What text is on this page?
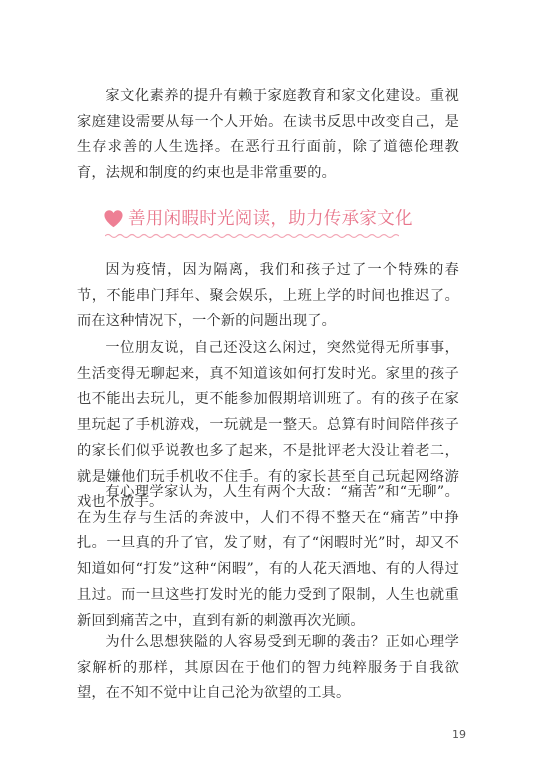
家文化素养的提升有赖于家庭教育和家文化建设。重视家庭建设需要从每一个人开始。在读书反思中改变自己，是生存求善的人生选择。在恶行丑行面前，除了道德伦理教育，法规和制度的约束也是非常重要的。

善用闲暇时光阅读，助力传承家文化

因为疫情，因为隔离，我们和孩子过了一个特殊的春节，不能串门拜年、聚会娱乐，上班上学的时间也推迟了。而在这种情况下，一个新的问题出现了。

一位朋友说，自己还没这么闲过，突然觉得无所事事，生活变得无聊起来，真不知道该如何打发时光。家里的孩子也不能出去玩儿，更不能参加假期培训班了。有的孩子在家里玩起了手机游戏，一玩就是一整天。总算有时间陪伴孩子的家长们似乎说教也多了起来，不是批评老大没让着老二，就是嫌他们玩手机收不住手。有的家长甚至自己玩起网络游戏也不放手。

有心理学家认为，人生有两个大敌：“痛苦”和“无聊”。在为生存与生活的奔波中，人们不得不整天在“痛苦”中挣扎。一旦真的升了官，发了财，有了“闲暇时光”时，却又不知道如何“打发”这种“闲暇”，有的人花天酒地、有的人得过且过。而一旦这些打发时光的能力受到了限制，人生也就重新回到痛苦之中，直到有新的刺激再次光顾。

为什么思想狭隘的人容易受到无聊的袭击？正如心理学家解析的那样，其原因在于他们的智力纯粹服务于自我欲望，在不知不觉中让自己沦为欲望的工具。

19
